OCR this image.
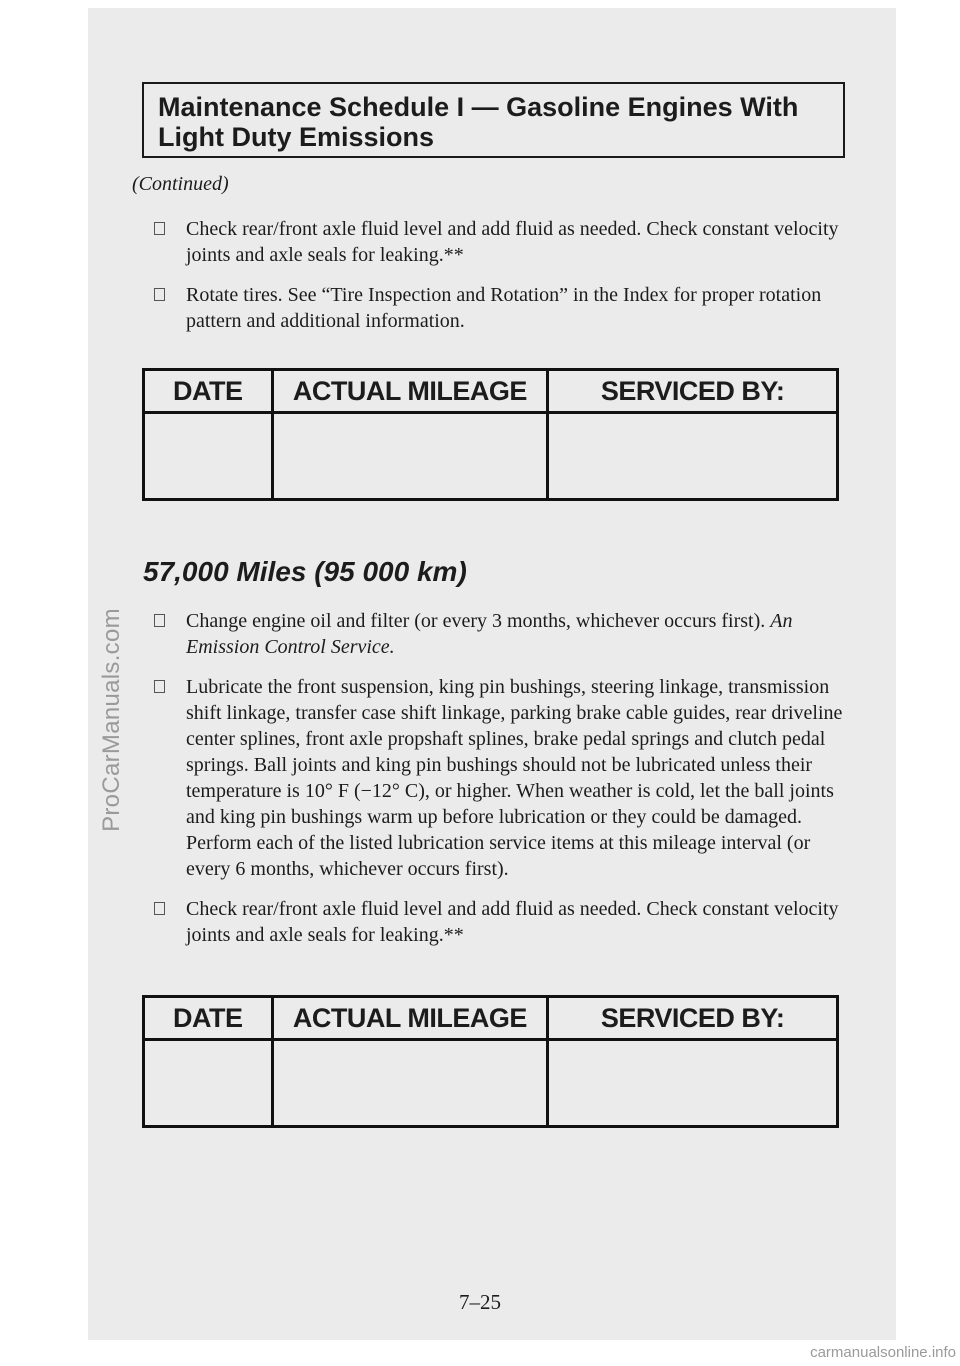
ProCarManuals.com
Maintenance Schedule I — Gasoline Engines With
Light Duty Emissions
(Continued)
Check rear/front axle fluid level and add fluid as needed. Check constant velocity joints and axle seals for leaking.**
Rotate tires. See “Tire Inspection and Rotation” in the Index for proper rotation pattern and additional information.
DATE	ACTUAL MILEAGE	SERVICED BY:

57,000 Miles (95 000 km)
Change engine oil and filter (or every 3 months, whichever occurs first). An Emission Control Service.
Lubricate the front suspension, king pin bushings, steering linkage, transmission shift linkage, transfer case shift linkage, parking brake cable guides, rear driveline center splines, front axle propshaft splines, brake pedal springs and clutch pedal springs. Ball joints and king pin bushings should not be lubricated unless their temperature is 10° F (−12° C), or higher. When weather is cold, let the ball joints and king pin bushings warm up before lubrication or they could be damaged. Perform each of the listed lubrication service items at this mileage interval (or every 6 months, whichever occurs first).
Check rear/front axle fluid level and add fluid as needed. Check constant velocity joints and axle seals for leaking.**
DATE	ACTUAL MILEAGE	SERVICED BY:

7–25
carmanualsonline.info
